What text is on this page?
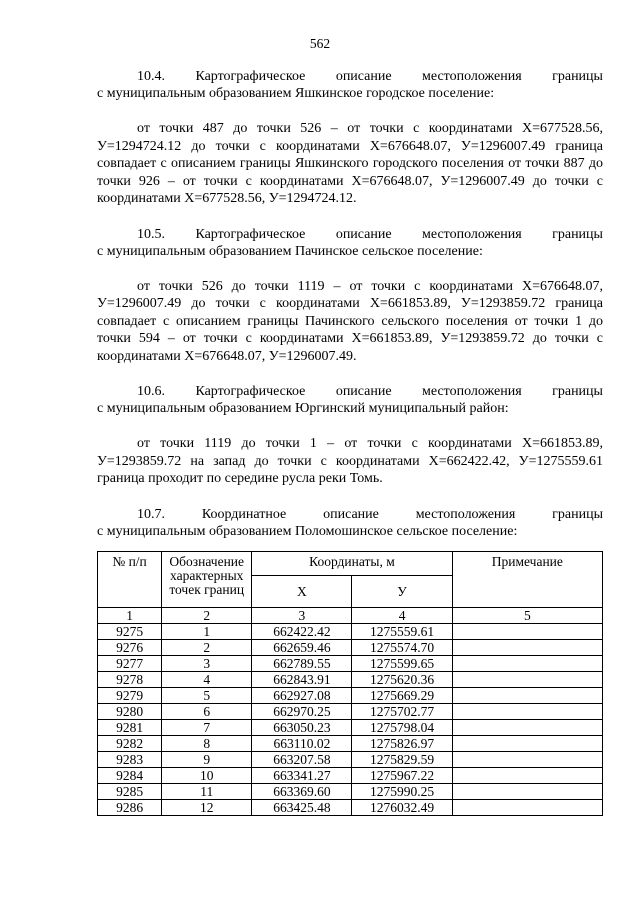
562
10.4. Картографическое описание местоположения границы
с муниципальным образованием Яшкинское городское поселение:
от точки 487 до точки 526 – от точки с координатами Х=677528.56, У=1294724.12 до точки с координатами Х=676648.07, У=1296007.49 граница совпадает с описанием границы Яшкинского городского поселения от точки 887 до точки 926 – от точки с координатами Х=676648.07, У=1296007.49 до точки с координатами Х=677528.56, У=1294724.12.
10.5. Картографическое описание местоположения границы
с муниципальным образованием Пачинское сельское поселение:
от точки 526 до точки 1119 – от точки с координатами Х=676648.07, У=1296007.49 до точки с координатами Х=661853.89, У=1293859.72 граница совпадает с описанием границы Пачинского сельского поселения от точки 1 до точки 594 – от точки с координатами Х=661853.89, У=1293859.72 до точки с координатами Х=676648.07, У=1296007.49.
10.6. Картографическое описание местоположения границы
с муниципальным образованием Юргинский муниципальный район:
от точки 1119 до точки 1 – от точки с координатами Х=661853.89, У=1293859.72 на запад до точки с координатами Х=662422.42, У=1275559.61 граница проходит по середине русла реки Томь.
10.7.	Координатное	описание	местоположения	границы
с муниципальным образованием Поломошинское сельское поселение:
№ п/п	Обозначение характерных точек границ	Координаты, м		Примечание
		Х	У	
1	2	3	4	5
9275	1	662422.42	1275559.61	
9276	2	662659.46	1275574.70	
9277	3	662789.55	1275599.65	
9278	4	662843.91	1275620.36	
9279	5	662927.08	1275669.29	
9280	6	662970.25	1275702.77	
9281	7	663050.23	1275798.04	
9282	8	663110.02	1275826.97	
9283	9	663207.58	1275829.59	
9284	10	663341.27	1275967.22	
9285	11	663369.60	1275990.25	
9286	12	663425.48	1276032.49	
